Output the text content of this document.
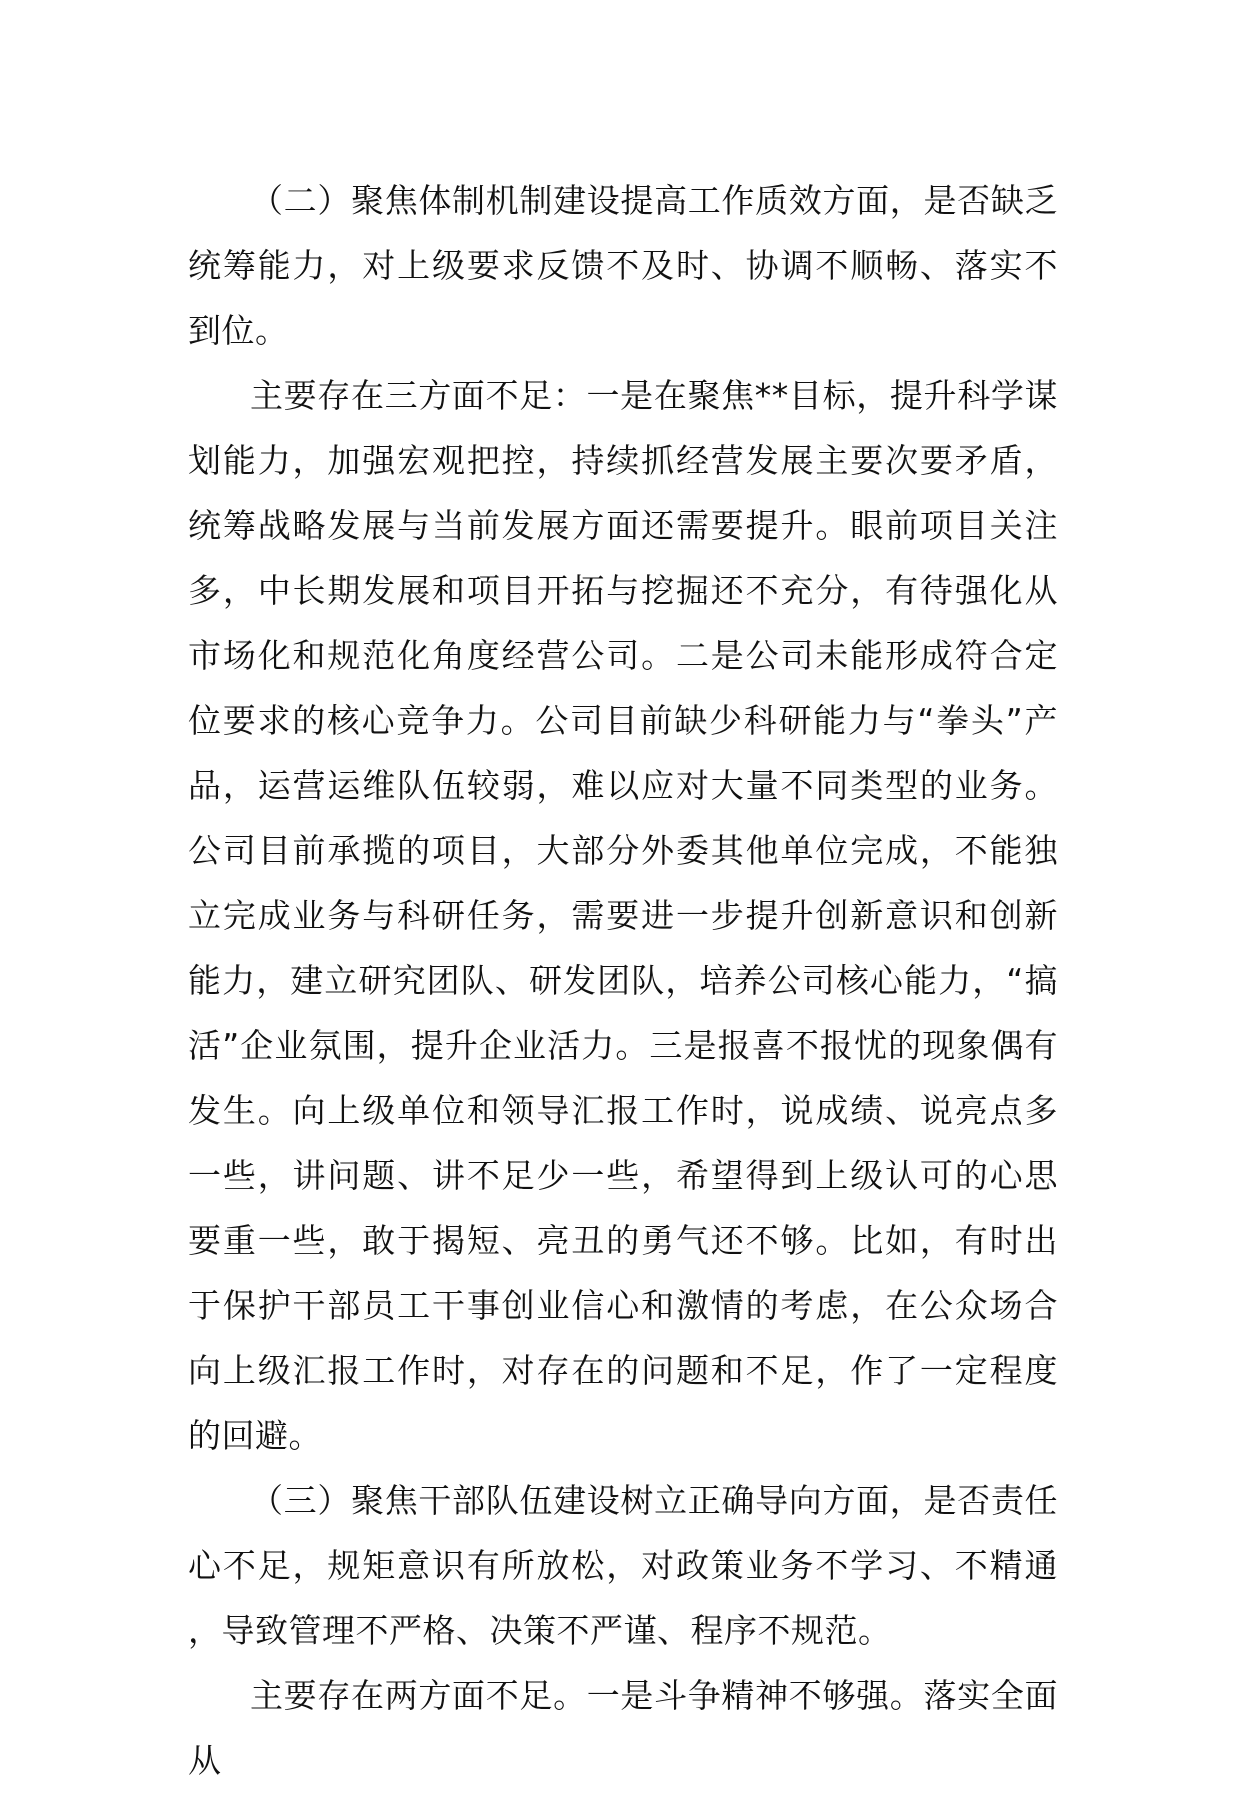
（二）聚焦体制机制建设提高工作质效方面，是否缺乏统筹能力，对上级要求反馈不及时、协调不顺畅、落实不到位。

主要存在三方面不足：一是在聚焦**目标，提升科学谋划能力，加强宏观把控，持续抓经营发展主要次要矛盾，统筹战略发展与当前发展方面还需要提升。眼前项目关注多，中长期发展和项目开拓与挖掘还不充分，有待强化从市场化和规范化角度经营公司。二是公司未能形成符合定位要求的核心竞争力。公司目前缺少科研能力与“拳头”产品，运营运维队伍较弱，难以应对大量不同类型的业务。公司目前承揽的项目，大部分外委其他单位完成，不能独立完成业务与科研任务，需要进一步提升创新意识和创新能力，建立研究团队、研发团队，培养公司核心能力，“搞活”企业氛围，提升企业活力。三是报喜不报忧的现象偶有发生。向上级单位和领导汇报工作时，说成绩、说亮点多一些，讲问题、讲不足少一些，希望得到上级认可的心思要重一些，敢于揭短、亮丑的勇气还不够。比如，有时出于保护干部员工干事创业信心和激情的考虑，在公众场合向上级汇报工作时，对存在的问题和不足，作了一定程度的回避。

（三）聚焦干部队伍建设树立正确导向方面，是否责任心不足，规矩意识有所放松，对政策业务不学习、不精通，导致管理不严格、决策不严谨、程序不规范。

主要存在两方面不足。一是斗争精神不够强。落实全面从
